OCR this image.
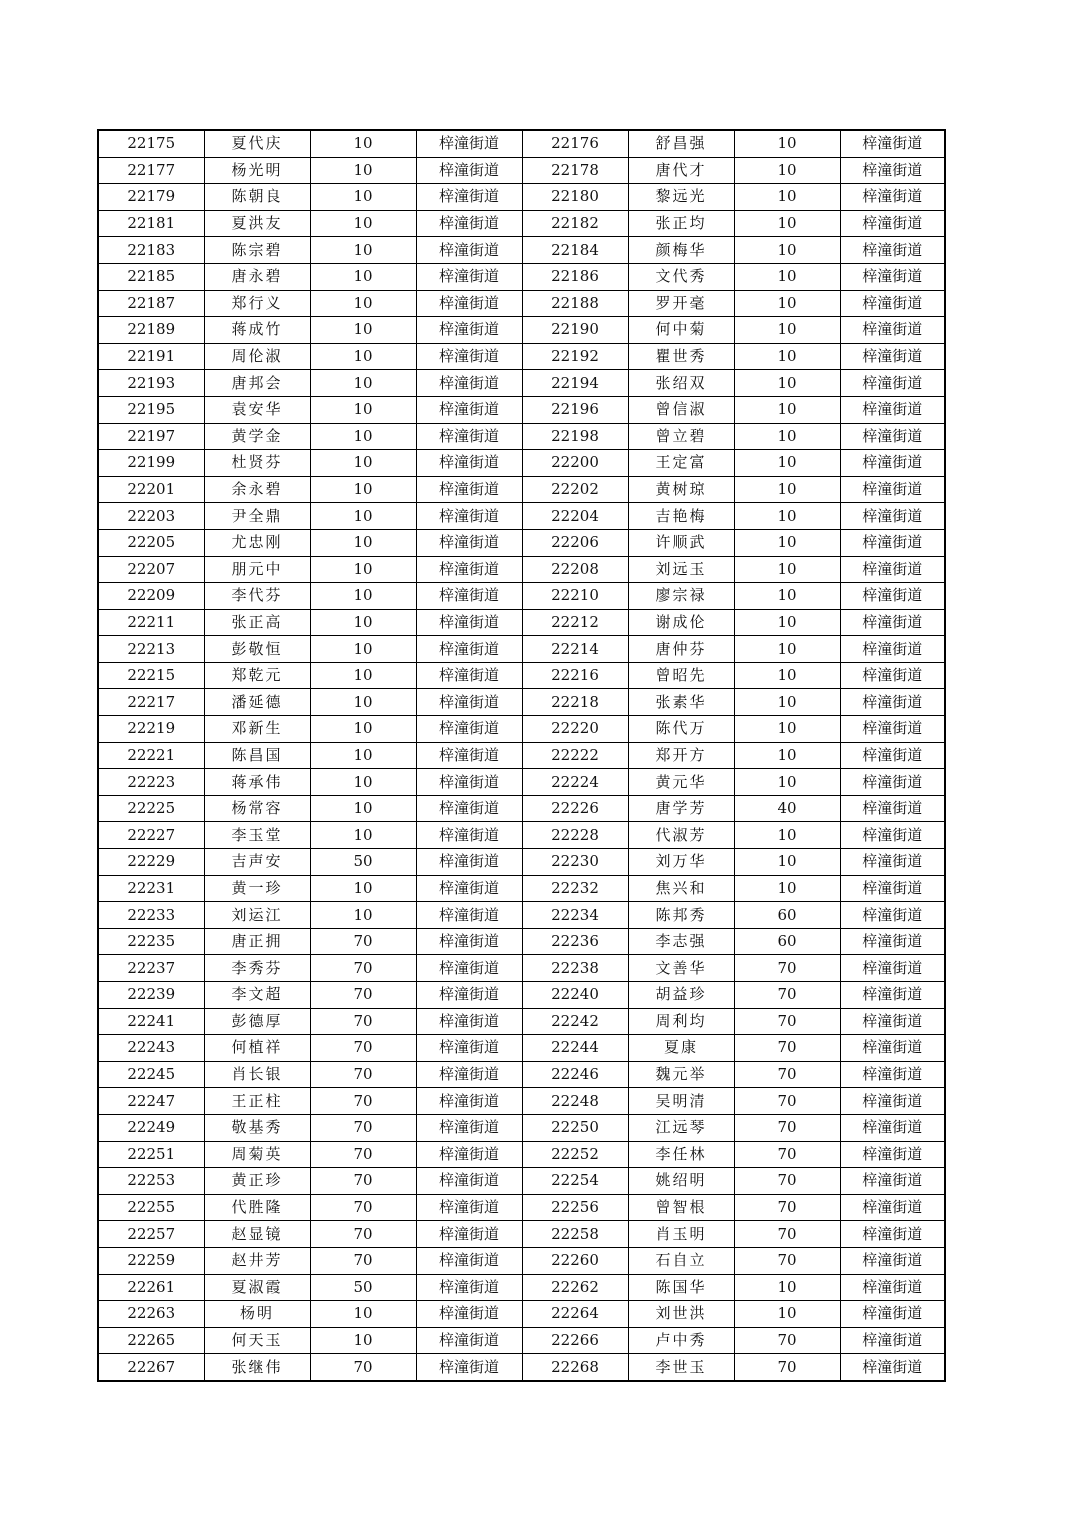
22175	夏代庆	10	梓潼街道	22176	舒昌强	10	梓潼街道
22177	杨光明	10	梓潼街道	22178	唐代才	10	梓潼街道
22179	陈朝良	10	梓潼街道	22180	黎远光	10	梓潼街道
22181	夏洪友	10	梓潼街道	22182	张正均	10	梓潼街道
22183	陈宗碧	10	梓潼街道	22184	颜梅华	10	梓潼街道
22185	唐永碧	10	梓潼街道	22186	文代秀	10	梓潼街道
22187	郑行义	10	梓潼街道	22188	罗开毫	10	梓潼街道
22189	蒋成竹	10	梓潼街道	22190	何中菊	10	梓潼街道
22191	周伦淑	10	梓潼街道	22192	瞿世秀	10	梓潼街道
22193	唐邦会	10	梓潼街道	22194	张绍双	10	梓潼街道
22195	袁安华	10	梓潼街道	22196	曾信淑	10	梓潼街道
22197	黄学金	10	梓潼街道	22198	曾立碧	10	梓潼街道
22199	杜贤芬	10	梓潼街道	22200	王定富	10	梓潼街道
22201	余永碧	10	梓潼街道	22202	黄树琼	10	梓潼街道
22203	尹全鼎	10	梓潼街道	22204	吉艳梅	10	梓潼街道
22205	尤忠刚	10	梓潼街道	22206	许顺武	10	梓潼街道
22207	朋元中	10	梓潼街道	22208	刘远玉	10	梓潼街道
22209	李代芬	10	梓潼街道	22210	廖宗禄	10	梓潼街道
22211	张正高	10	梓潼街道	22212	谢成伦	10	梓潼街道
22213	彭敬恒	10	梓潼街道	22214	唐仲芬	10	梓潼街道
22215	郑乾元	10	梓潼街道	22216	曾昭先	10	梓潼街道
22217	潘延德	10	梓潼街道	22218	张素华	10	梓潼街道
22219	邓新生	10	梓潼街道	22220	陈代万	10	梓潼街道
22221	陈昌国	10	梓潼街道	22222	郑开方	10	梓潼街道
22223	蒋承伟	10	梓潼街道	22224	黄元华	10	梓潼街道
22225	杨常容	10	梓潼街道	22226	唐学芳	40	梓潼街道
22227	李玉堂	10	梓潼街道	22228	代淑芳	10	梓潼街道
22229	吉声安	50	梓潼街道	22230	刘万华	10	梓潼街道
22231	黄一珍	10	梓潼街道	22232	焦兴和	10	梓潼街道
22233	刘运江	10	梓潼街道	22234	陈邦秀	60	梓潼街道
22235	唐正拥	70	梓潼街道	22236	李志强	60	梓潼街道
22237	李秀芬	70	梓潼街道	22238	文善华	70	梓潼街道
22239	李文超	70	梓潼街道	22240	胡益珍	70	梓潼街道
22241	彭德厚	70	梓潼街道	22242	周利均	70	梓潼街道
22243	何植祥	70	梓潼街道	22244	夏康	70	梓潼街道
22245	肖长银	70	梓潼街道	22246	魏元举	70	梓潼街道
22247	王正柱	70	梓潼街道	22248	吴明清	70	梓潼街道
22249	敬基秀	70	梓潼街道	22250	江远琴	70	梓潼街道
22251	周菊英	70	梓潼街道	22252	李任林	70	梓潼街道
22253	黄正珍	70	梓潼街道	22254	姚绍明	70	梓潼街道
22255	代胜隆	70	梓潼街道	22256	曾智根	70	梓潼街道
22257	赵显镜	70	梓潼街道	22258	肖玉明	70	梓潼街道
22259	赵井芳	70	梓潼街道	22260	石自立	70	梓潼街道
22261	夏淑霞	50	梓潼街道	22262	陈国华	10	梓潼街道
22263	杨明	10	梓潼街道	22264	刘世洪	10	梓潼街道
22265	何天玉	10	梓潼街道	22266	卢中秀	70	梓潼街道
22267	张继伟	70	梓潼街道	22268	李世玉	70	梓潼街道
